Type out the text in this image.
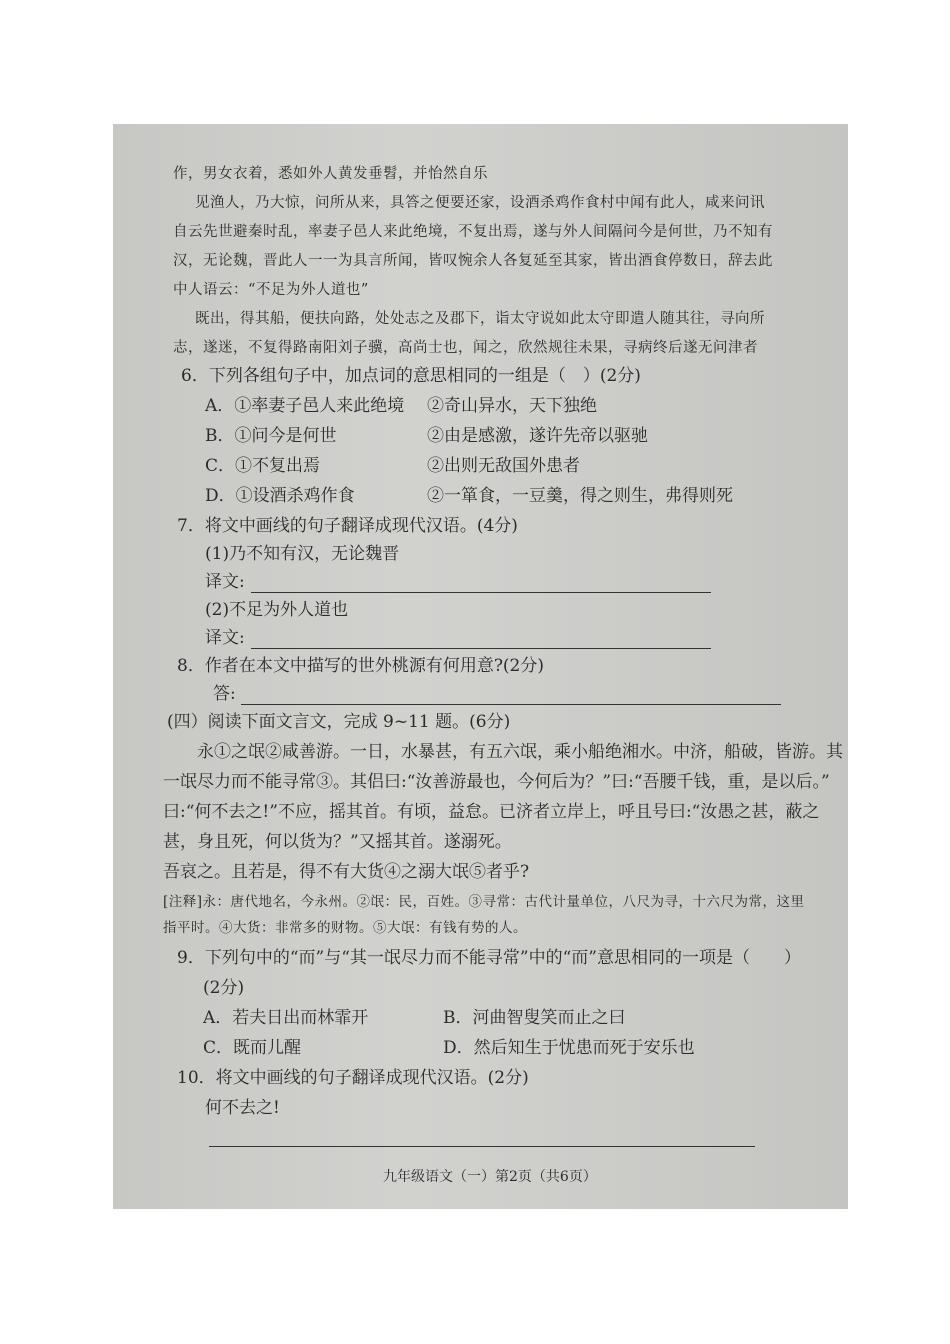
作，男女衣着，悉如外人黄发垂髫，并怡然自乐
见渔人，乃大惊，问所从来，具答之便要还家，设酒杀鸡作食村中闻有此人，咸来问讯
自云先世避秦时乱，率妻子邑人来此绝境，不复出焉，遂与外人间隔问今是何世，乃不知有
汉，无论魏，晋此人一一为具言所闻，皆叹惋余人各复延至其家，皆出酒食停数日，辞去此
中人语云：“不足为外人道也”
既出，得其船，便扶向路，处处志之及郡下，诣太守说如此太守即遣人随其往，寻向所
志，遂迷，不复得路南阳刘子骥，高尚士也，闻之，欣然规往未果，寻病终后遂无问津者
6．下列各组句子中，加点词的意思相同的一组是（　）(2分)
A．①率妻子邑人来此绝境 ②奇山异水，天下独绝
B．①问今是何世	②由是感激，遂许先帝以驱驰
C．①不复出焉	②出则无敌国外患者
D．①设酒杀鸡作食	②一箪食，一豆羹，得之则生，弗得则死
7．将文中画线的句子翻译成现代汉语。(4分)
(1)乃不知有汉，无论魏晋
译文:
(2)不足为外人道也
译文:
8．作者在本文中描写的世外桃源有何用意?(2分)
答:
(四）阅读下面文言文，完成 9~11 题。(6分)
永①之氓②咸善游。一日，水暴甚，有五六氓，乘小船绝湘水。中济，船破，皆游。其
一氓尽力而不能寻常③。其侣曰:“汝善游最也，今何后为？”曰:“吾腰千钱，重，是以后。”
曰:“何不去之!”不应，摇其首。有顷，益怠。已济者立岸上，呼且号曰:“汝愚之甚，蔽之
甚，身且死，何以货为？”又摇其首。遂溺死。
吾哀之。且若是，得不有大货④之溺大氓⑤者乎?
[注释]永：唐代地名，今永州。②氓：民，百姓。③寻常：古代计量单位，八尺为寻，十六尺为常，这里
指平时。④大货：非常多的财物。⑤大氓：有钱有势的人。
9．下列句中的“而”与“其一氓尽力而不能寻常”中的“而”意思相同的一项是（　　）
(2分)
A．若夫日出而林霏开	B．河曲智叟笑而止之曰
C．既而儿醒	D．然后知生于忧患而死于安乐也
10．将文中画线的句子翻译成现代汉语。(2分)
何不去之!
九年级语文（一）第2页（共6页）
